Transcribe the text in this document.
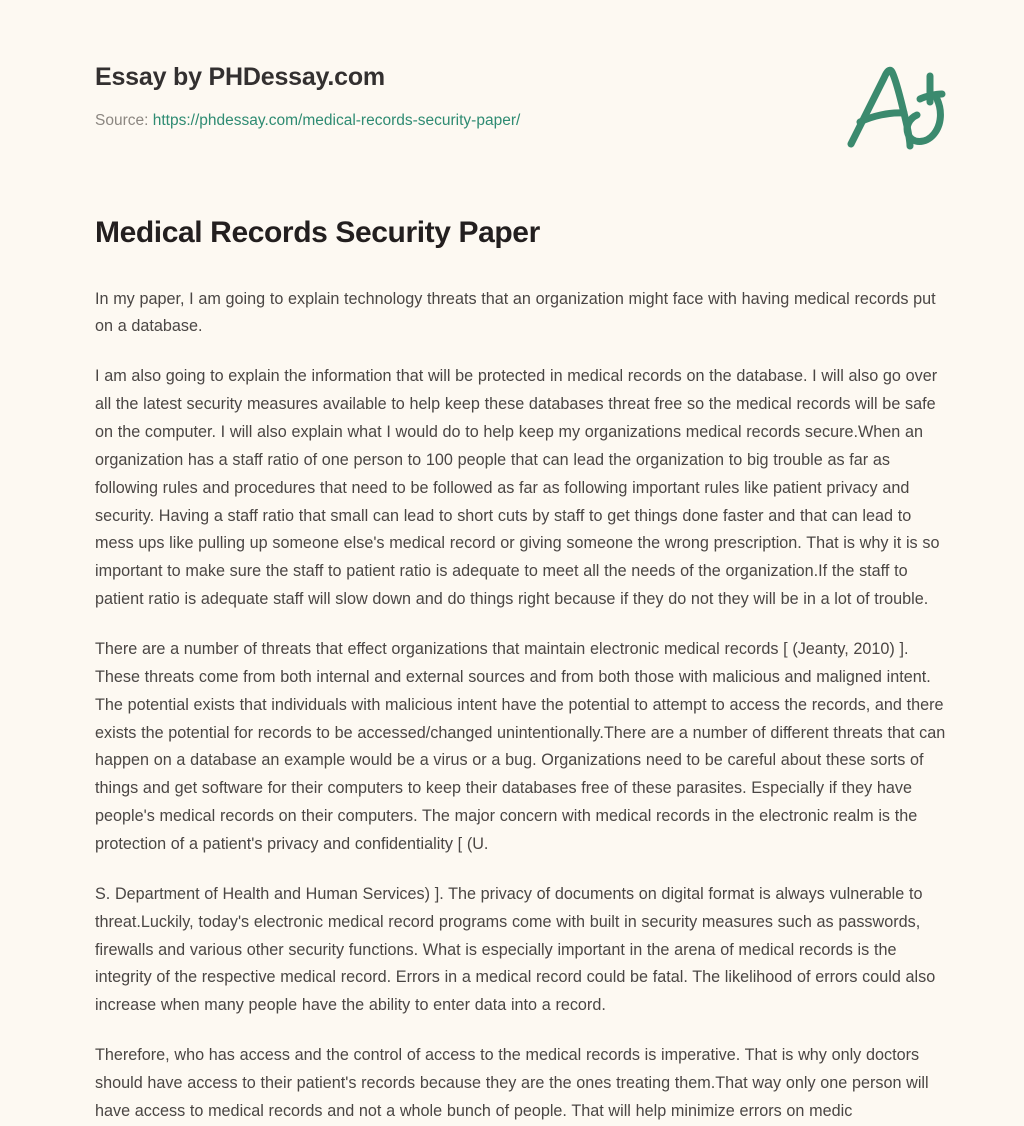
Essay by PHDessay.com
Source: https://phdessay.com/medical-records-security-paper/
Medical Records Security Paper

In my paper, I am going to explain technology threats that an organization might face with having medical records put on a database.

I am also going to explain the information that will be protected in medical records on the database. I will also go over all the latest security measures available to help keep these databases threat free so the medical records will be safe on the computer. I will also explain what I would do to help keep my organizations medical records secure.When an organization has a staff ratio of one person to 100 people that can lead the organization to big trouble as far as following rules and procedures that need to be followed as far as following important rules like patient privacy and security. Having a staff ratio that small can lead to short cuts by staff to get things done faster and that can lead to mess ups like pulling up someone else's medical record or giving someone the wrong prescription. That is why it is so important to make sure the staff to patient ratio is adequate to meet all the needs of the organization.If the staff to patient ratio is adequate staff will slow down and do things right because if they do not they will be in a lot of trouble.

There are a number of threats that effect organizations that maintain electronic medical records [ (Jeanty, 2010) ]. These threats come from both internal and external sources and from both those with malicious and maligned intent. The potential exists that individuals with malicious intent have the potential to attempt to access the records, and there exists the potential for records to be accessed/changed unintentionally.There are a number of different threats that can happen on a database an example would be a virus or a bug. Organizations need to be careful about these sorts of things and get software for their computers to keep their databases free of these parasites. Especially if they have people's medical records on their computers. The major concern with medical records in the electronic realm is the protection of a patient's privacy and confidentiality [ (U.

S. Department of Health and Human Services) ]. The privacy of documents on digital format is always vulnerable to threat.Luckily, today's electronic medical record programs come with built in security measures such as passwords, firewalls and various other security functions. What is especially important in the arena of medical records is the integrity of the respective medical record. Errors in a medical record could be fatal. The likelihood of errors could also increase when many people have the ability to enter data into a record.

Therefore, who has access and the control of access to the medical records is imperative. That is why only doctors should have access to their patient's records because they are the ones treating them.That way only one person will have access to medical records and not a whole bunch of people. That will help minimize errors on medic
